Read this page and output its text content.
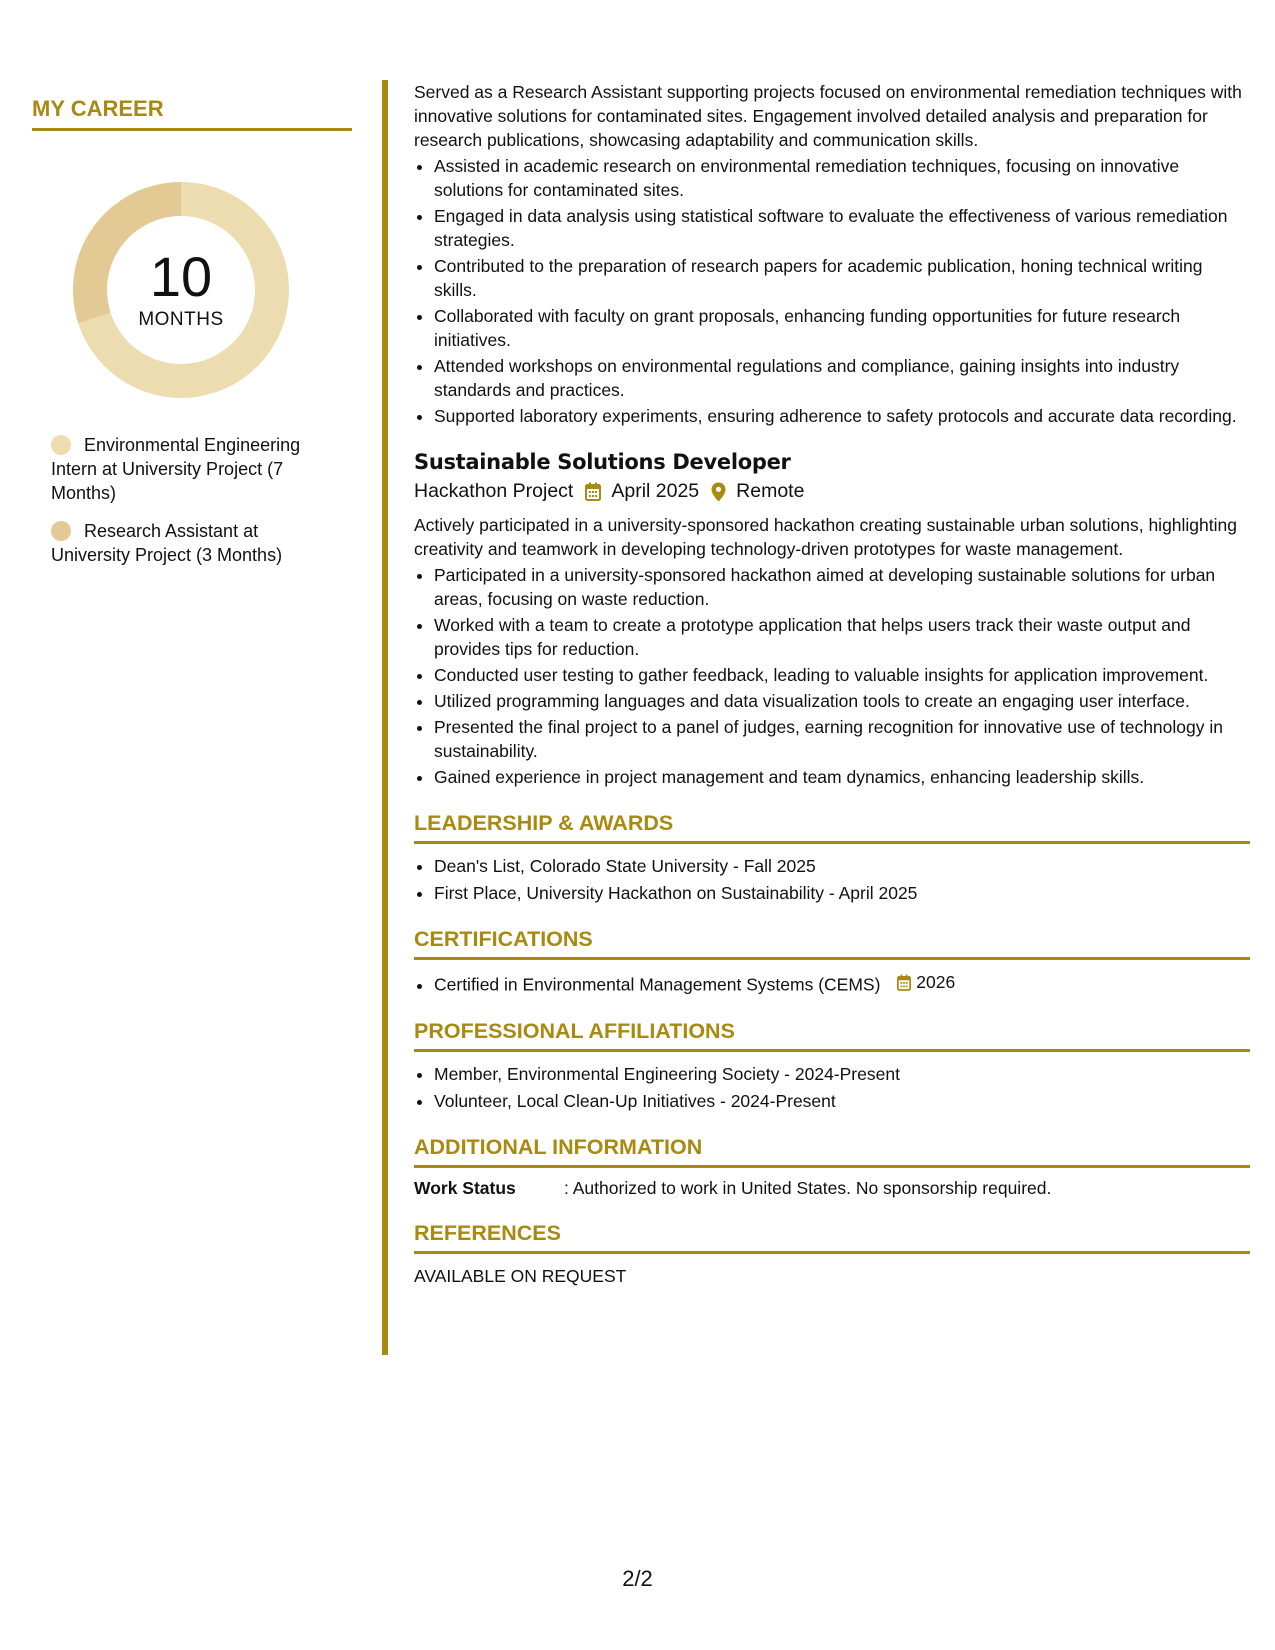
MY CAREER
10
MONTHS
Environmental Engineering Intern at University Project (7 Months)
Research Assistant at University Project (3 Months)

Served as a Research Assistant supporting projects focused on environmental remediation techniques with innovative solutions for contaminated sites. Engagement involved detailed analysis and preparation for research publications, showcasing adaptability and communication skills.

• Assisted in academic research on environmental remediation techniques, focusing on innovative solutions for contaminated sites.
• Engaged in data analysis using statistical software to evaluate the effectiveness of various remediation strategies.
• Contributed to the preparation of research papers for academic publication, honing technical writing skills.
• Collaborated with faculty on grant proposals, enhancing funding opportunities for future research initiatives.
• Attended workshops on environmental regulations and compliance, gaining insights into industry standards and practices.
• Supported laboratory experiments, ensuring adherence to safety protocols and accurate data recording.
Sustainable Solutions Developer
Hackathon Project April 2025 Remote

Actively participated in a university-sponsored hackathon creating sustainable urban solutions, highlighting creativity and teamwork in developing technology-driven prototypes for waste management.

• Participated in a university-sponsored hackathon aimed at developing sustainable solutions for urban areas, focusing on waste reduction.
• Worked with a team to create a prototype application that helps users track their waste output and provides tips for reduction.
• Conducted user testing to gather feedback, leading to valuable insights for application improvement.
• Utilized programming languages and data visualization tools to create an engaging user interface.
• Presented the final project to a panel of judges, earning recognition for innovative use of technology in sustainability.
• Gained experience in project management and team dynamics, enhancing leadership skills.
LEADERSHIP & AWARDS
• Dean's List, Colorado State University - Fall 2025
• First Place, University Hackathon on Sustainability - April 2025
CERTIFICATIONS
• Certified in Environmental Management Systems (CEMS) 2026
PROFESSIONAL AFFILIATIONS
• Member, Environmental Engineering Society - 2024-Present
• Volunteer, Local Clean-Up Initiatives - 2024-Present
ADDITIONAL INFORMATION
Work Status	: Authorized to work in United States. No sponsorship required.
REFERENCES
AVAILABLE ON REQUEST
2/2
